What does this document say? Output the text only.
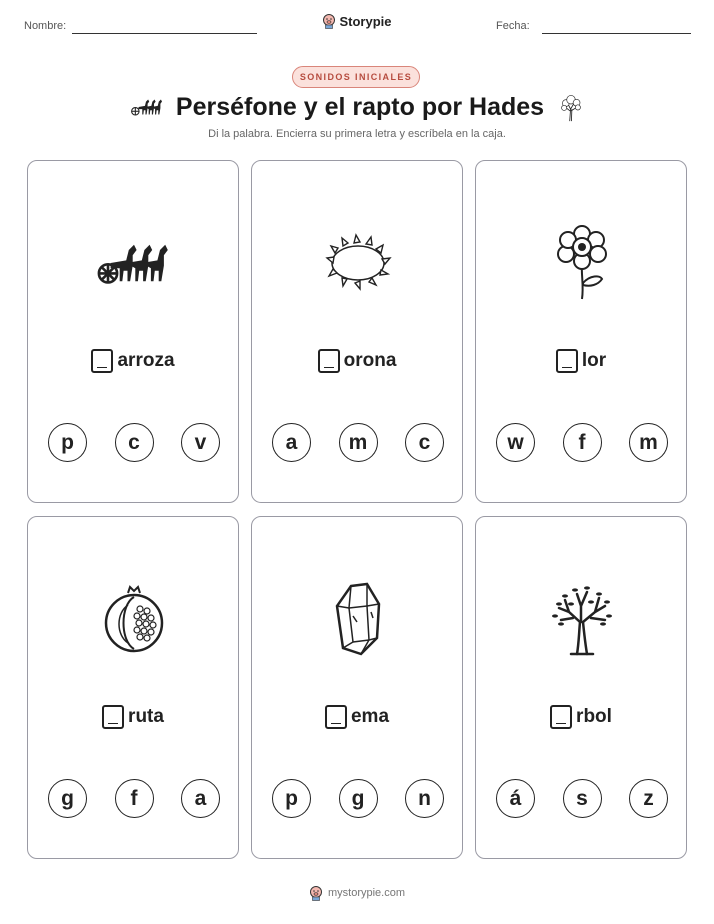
Nombre:	Fecha:
Storypie
SONIDOS INICIALES
Perséfone y el rapto por Hades
Di la palabra. Encierra su primera letra y escríbela en la caja.
arroza
p	c	v
orona
a	m	c
lor
w	f	m
ruta
g	f	a
ema
p	g	n
rbol
á	s	z
mystorypie.com
